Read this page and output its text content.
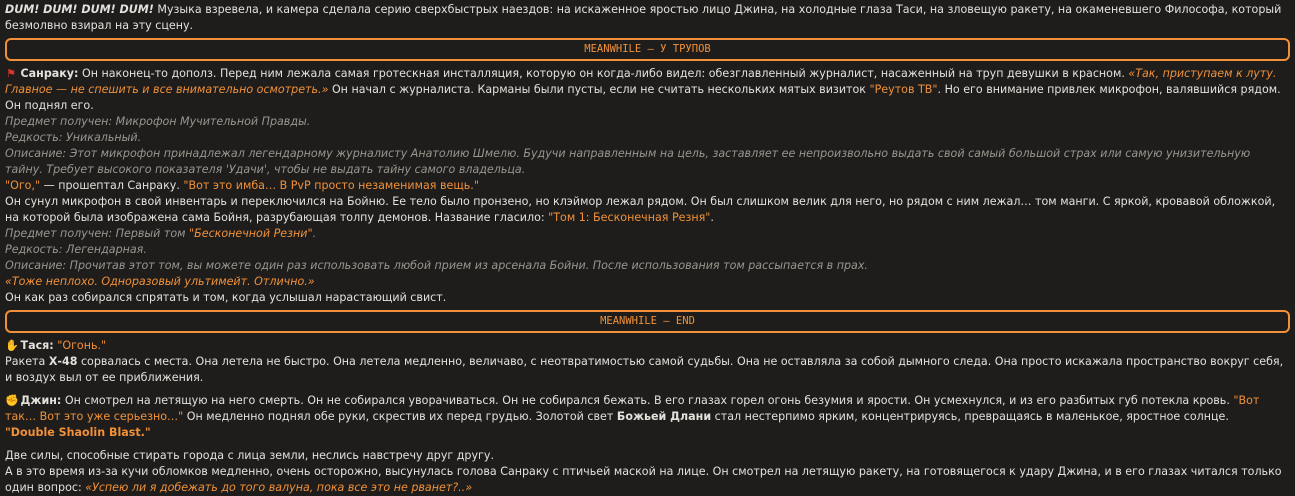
DUM! DUM! DUM! DUM! Музыка взревела, и камера сделала серию сверхбыстрых наездов: на искаженное яростью лицо Джина, на холодные глаза Таси, на зловещую ракету, на окаменевшего Философа, который безмолвно взирал на эту сцену.

MEANWHILE – У ТРУПОВ

⚑ Санраку: Он наконец-то дополз. Перед ним лежала самая гротескная инсталляция, которую он когда-либо видел: обезглавленный журналист, насаженный на труп девушки в красном. «Так, приступаем к луту. Главное — не спешить и все внимательно осмотреть.» Он начал с журналиста. Карманы были пусты, если не считать нескольких мятых визиток "Реутов ТВ". Но его внимание привлек микрофон, валявшийся рядом. Он поднял его.

Предмет получен: Микрофон Мучительной Правды.

Редкость: Уникальный.

Описание: Этот микрофон принадлежал легендарному журналисту Анатолию Шмелю. Будучи направленным на цель, заставляет ее непроизвольно выдать свой самый большой страх или самую унизительную тайну. Требует высокого показателя 'Удачи', чтобы не выдать тайну самого владельца.

"Ого," — прошептал Санраку. "Вот это имба… В PvP просто незаменимая вещь."

Он сунул микрофон в свой инвентарь и переключился на Бойню. Ее тело было пронзено, но клэймор лежал рядом. Он был слишком велик для него, но рядом с ним лежал… том манги. С яркой, кровавой обложкой, на которой была изображена сама Бойня, разрубающая толпу демонов. Название гласило: "Том 1: Бесконечная Резня".

Предмет получен: Первый том "Бесконечной Резни".

Редкость: Легендарная.

Описание: Прочитав этот том, вы можете один раз использовать любой прием из арсенала Бойни. После использования том рассыпается в прах.

«Тоже неплохо. Одноразовый ультимейт. Отлично.»

Он как раз собирался спрятать и том, когда услышал нарастающий свист.

MEANWHILE – END

✋ Тася: "Огонь."

Ракета Х-48 сорвалась с места. Она летела не быстро. Она летела медленно, величаво, с неотвратимостью самой судьбы. Она не оставляла за собой дымного следа. Она просто искажала пространство вокруг себя, и воздух выл от ее приближения.

✊ Джин: Он смотрел на летящую на него смерть. Он не собирался уворачиваться. Он не собирался бежать. В его глазах горел огонь безумия и ярости. Он усмехнулся, и из его разбитых губ потекла кровь. "Вот так… Вот это уже серьезно…" Он медленно поднял обе руки, скрестив их перед грудью. Золотой свет Божьей Длани стал нестерпимо ярким, концентрируясь, превращаясь в маленькое, яростное солнце.
"Double Shaolin Blast."

Две силы, способные стирать города с лица земли, неслись навстречу друг другу.

А в это время из-за кучи обломков медленно, очень осторожно, высунулась голова Санраку с птичьей маской на лице. Он смотрел на летящую ракету, на готовящегося к удару Джина, и в его глазах читался только один вопрос: «Успею ли я добежать до того валуна, пока все это не рванет?..»
